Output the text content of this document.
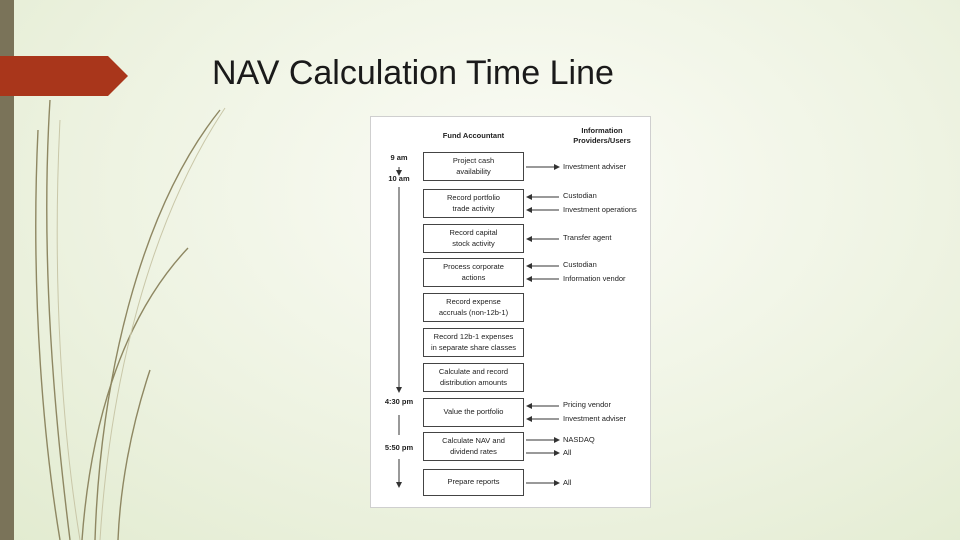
NAV Calculation Time Line
Fund Accountant
Information
Providers/Users
9 am
10 am
4:30 pm
5:50 pm
Project cash
availability
Record portfolio
trade activity
Record capital
stock activity
Process corporate
actions
Record expense
accruals (non-12b-1)
Record 12b-1 expenses
in separate share classes
Calculate and record
distribution amounts
Value the portfolio
Calculate NAV and
dividend rates
Prepare reports
Investment adviser
Custodian
Investment operations
Transfer agent
Custodian
Information vendor
Pricing vendor
Investment adviser
NASDAQ
All
All
